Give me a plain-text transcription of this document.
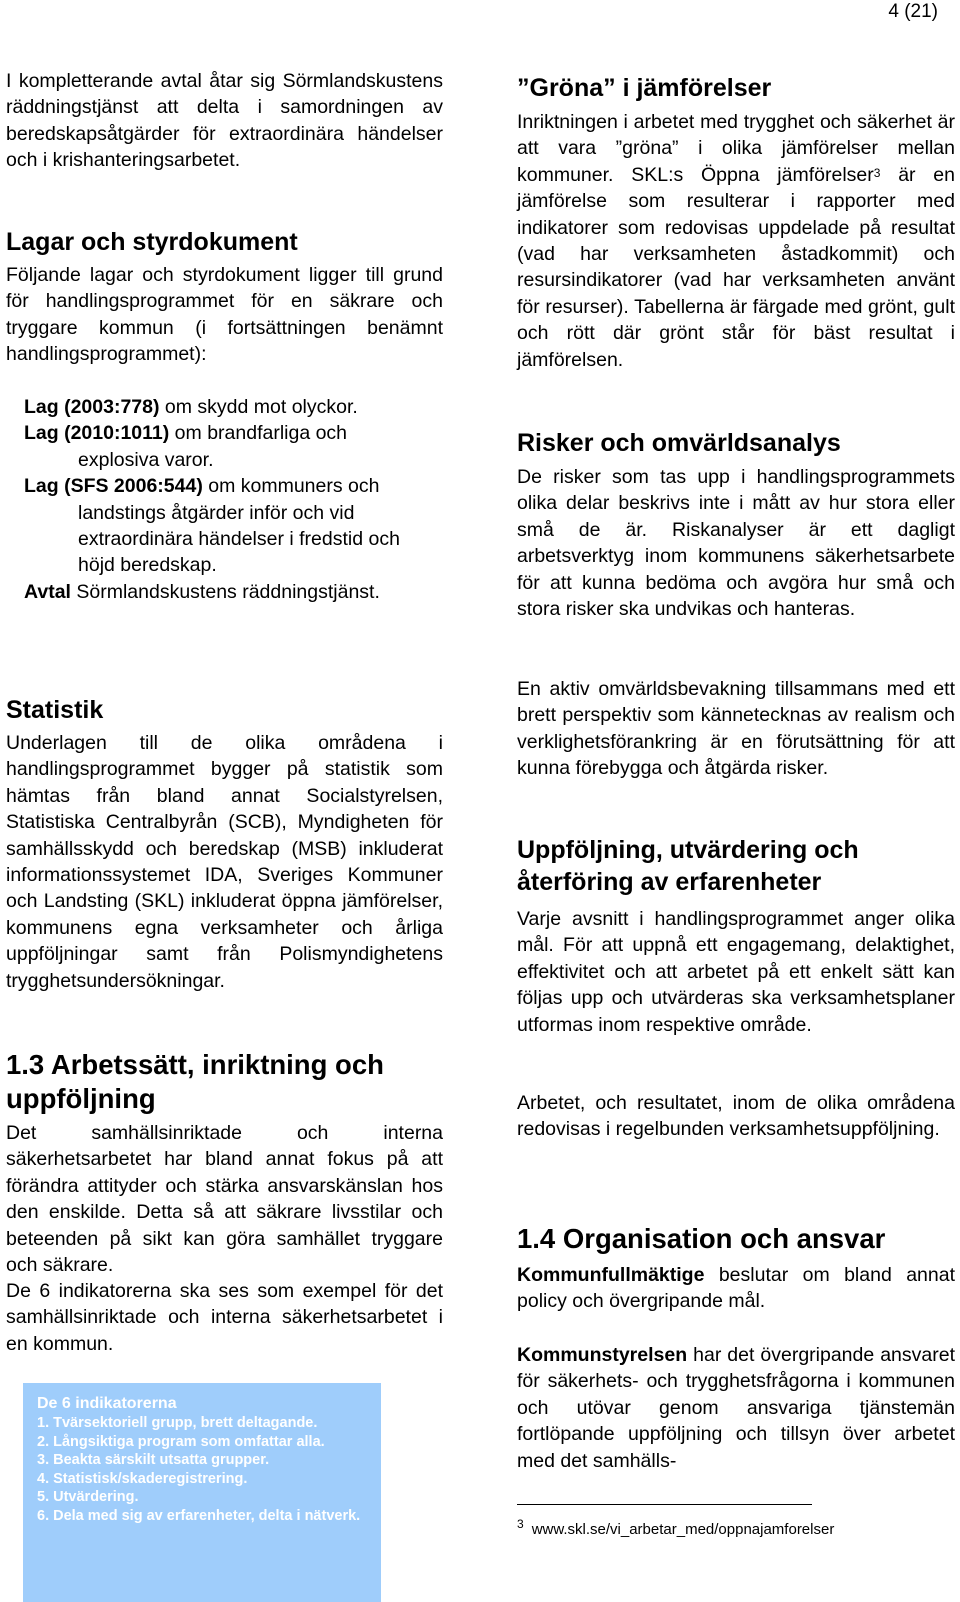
4 (21)

I kompletterande avtal åtar sig Sörmlandskustens räddningstjänst att delta i samordningen av beredskapsåtgärder för extraordinära händelser och i krishanteringsarbetet.

Lagar och styrdokument

Följande lagar och styrdokument ligger till grund för handlingsprogrammet för en säkrare och tryggare kommun (i fortsättningen benämnt handlingsprogrammet):

Lag (2003:778) om skydd mot olyckor.
Lag (2010:1011) om brandfarliga och explosiva varor.
Lag (SFS 2006:544) om kommuners och landstings åtgärder inför och vid extraordinära händelser i fredstid och höjd beredskap.
Avtal Sörmlandskustens räddningstjänst.
Statistik

Underlagen till de olika områdena i handlingsprogrammet bygger på statistik som hämtas från bland annat Socialstyrelsen, Statistiska Centralbyrån (SCB), Myndigheten för samhällsskydd och beredskap (MSB) inkluderat informationssystemet IDA, Sveriges Kommuner och Landsting (SKL) inkluderat öppna jämförelser, kommunens egna verksamheter och årliga uppföljningar samt från Polismyndighetens trygghetsundersökningar.

1.3 Arbetssätt, inriktning och uppföljning

Det samhällsinriktade och interna säkerhetsarbetet har bland annat fokus på att förändra attityder och stärka ansvarskänslan hos den enskilde. Detta så att säkrare livsstilar och beteenden på sikt kan göra samhället tryggare och säkrare.

De 6 indikatorerna ska ses som exempel för det samhällsinriktade och interna säkerhetsarbetet i en kommun.

De 6 indikatorerna
1. Tvärsektoriell grupp, brett deltagande.
2. Långsiktiga program som omfattar alla.
3. Beakta särskilt utsatta grupper.
4. Statistisk/skaderegistrering.
5. Utvärdering.
6. Dela med sig av erfarenheter, delta i nätverk.
”Gröna” i jämförelser

Inriktningen i arbetet med trygghet och säkerhet är att vara ”gröna” i olika jämförelser mellan kommuner. SKL:s Öppna jämförelser$^3$ är en jämförelse som resulterar i rapporter med indikatorer som redovisas uppdelade på resultat (vad har verksamheten åstadkommit) och resursindikatorer (vad har verksamheten använt för resurser). Tabellerna är färgade med grönt, gult och rött där grönt står för bäst resultat i jämförelsen.

Risker och omvärldsanalys

De risker som tas upp i handlingsprogrammets olika delar beskrivs inte i mått av hur stora eller små de är. Riskanalyser är ett dagligt arbetsverktyg inom kommunens säkerhetsarbete för att kunna bedöma och avgöra hur små och stora risker ska undvikas och hanteras.

En aktiv omvärldsbevakning tillsammans med ett brett perspektiv som kännetecknas av realism och verklighetsförankring är en förutsättning för att kunna förebygga och åtgärda risker.

Uppföljning, utvärdering och återföring av erfarenheter

Varje avsnitt i handlingsprogrammet anger olika mål. För att uppnå ett engagemang, delaktighet, effektivitet och att arbetet på ett enkelt sätt kan följas upp och utvärderas ska verksamhetsplaner utformas inom respektive område.

Arbetet, och resultatet, inom de olika områdena redovisas i regelbunden verksamhetsuppföljning.

1.4 Organisation och ansvar

Kommunfullmäktige beslutar om bland annat policy och övergripande mål.

Kommunstyrelsen har det övergripande ansvaret för säkerhets- och trygghetsfrågorna i kommunen och utövar genom ansvariga tjänstemän fortlöpande uppföljning och tillsyn över arbetet med det samhälls-

$^3$ www.skl.se/vi_arbetar_med/oppnajamforelser
